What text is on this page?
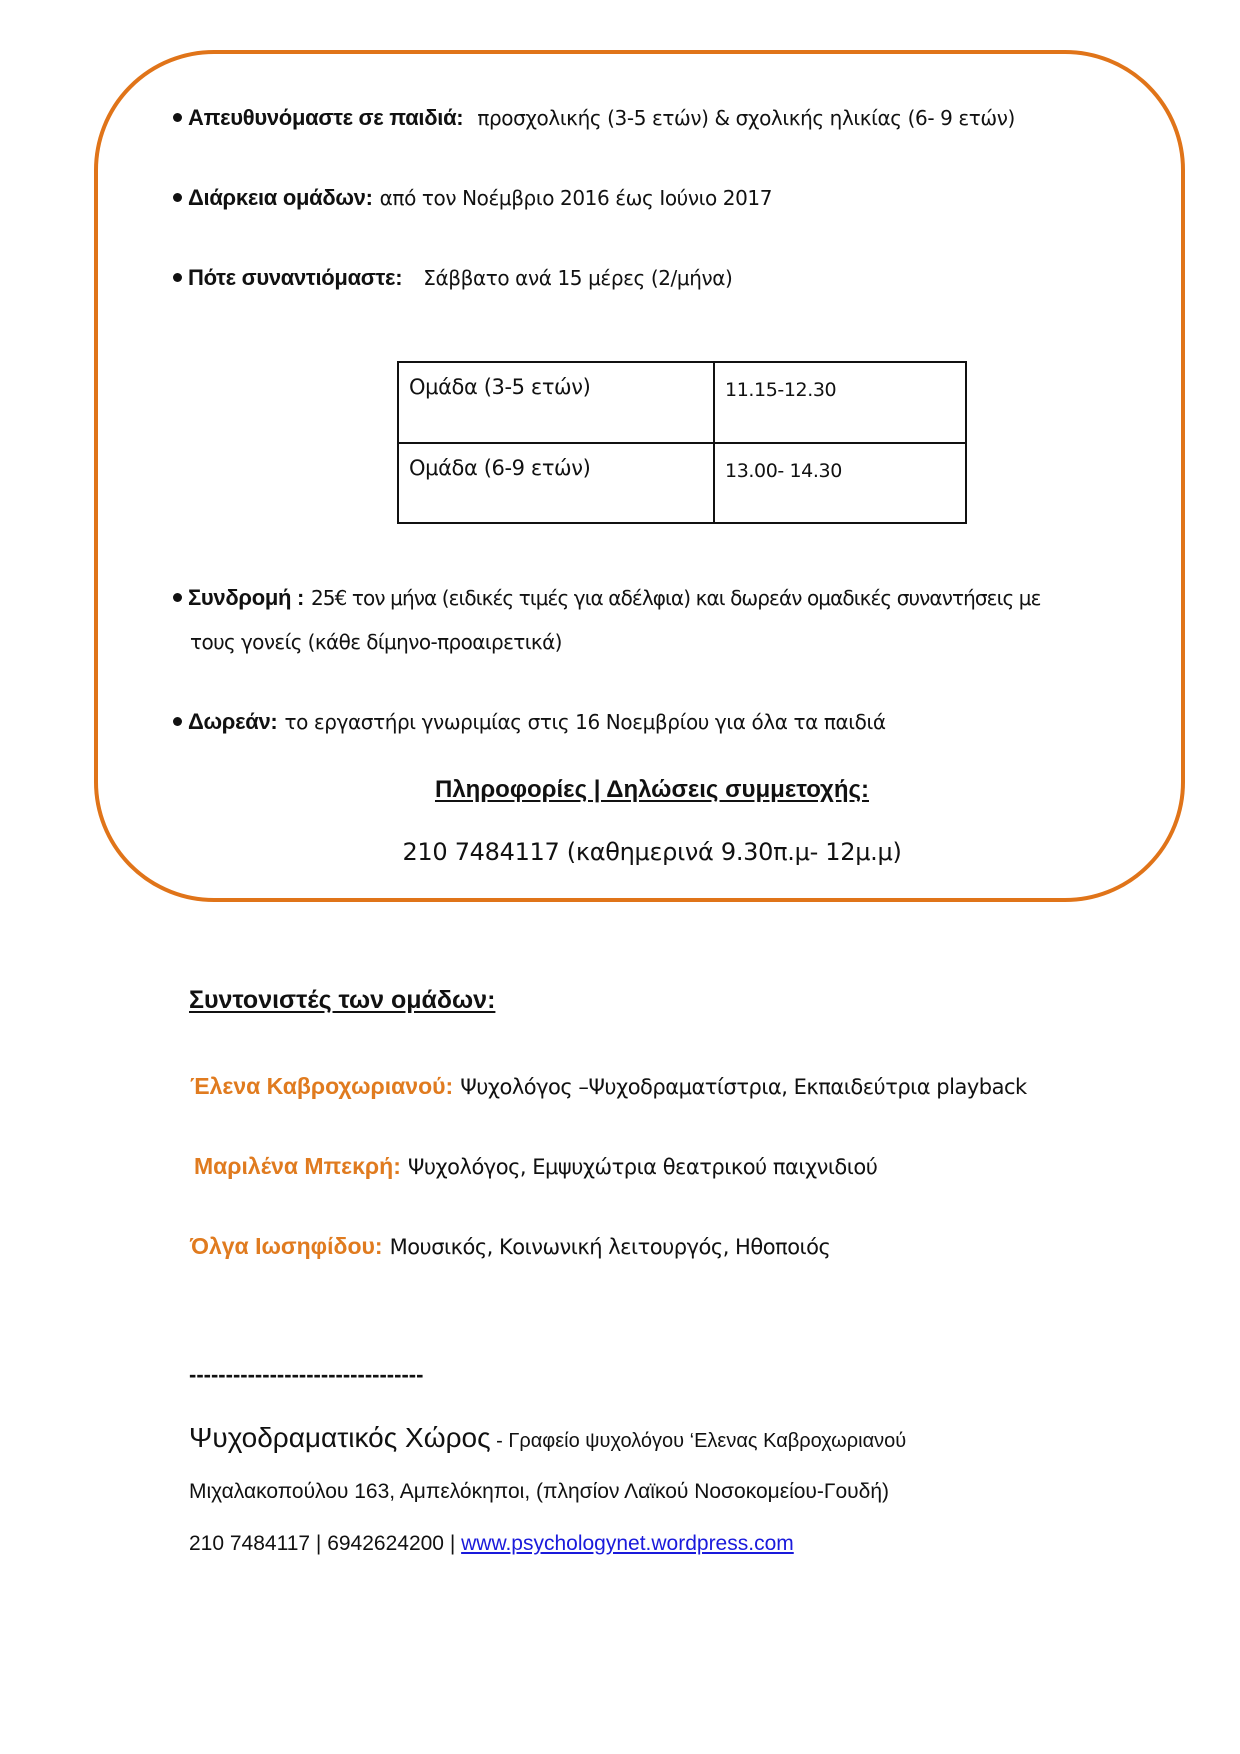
Απευθυνόμαστε σε παιδιά: προσχολικής (3-5 ετών) & σχολικής ηλικίας (6- 9 ετών)
Διάρκεια ομάδων: από τον Νοέμβριο 2016 έως Ιούνιο 2017
Πότε συναντιόμαστε: Σάββατο ανά 15 μέρες (2/μήνα)
Ομάδα (3-5 ετών)	11.15-12.30
Ομάδα (6-9 ετών)	13.00- 14.30
Συνδρομή : 25€ τον μήνα (ειδικές τιμές για αδέλφια) και δωρεάν ομαδικές συναντήσεις με
τους γονείς (κάθε δίμηνο-προαιρετικά)
Δωρεάν: το εργαστήρι γνωριμίας στις 16 Νοεμβρίου για όλα τα παιδιά
Πληροφορίες | Δηλώσεις συμμετοχής:
210 7484117 (καθημερινά 9.30π.μ- 12μ.μ)
Συντονιστές των ομάδων:
Έλενα Καβροχωριανού: Ψυχολόγος –Ψυχοδραματίστρια, Εκπαιδεύτρια playback
Μαριλένα Μπεκρή: Ψυχολόγος, Εμψυχώτρια θεατρικού παιχνιδιού
Όλγα Ιωσηφίδου: Μουσικός, Κοινωνική λειτουργός, Ηθοποιός
--------------------------------
Ψυχοδραματικός Χώρος - Γραφείο ψυχολόγου ‘Ελενας Καβροχωριανού
Μιχαλακοπούλου 163, Αμπελόκηποι, (πλησίον Λαϊκού Νοσοκομείου-Γουδή)
210 7484117 | 6942624200 | www.psychologynet.wordpress.com
